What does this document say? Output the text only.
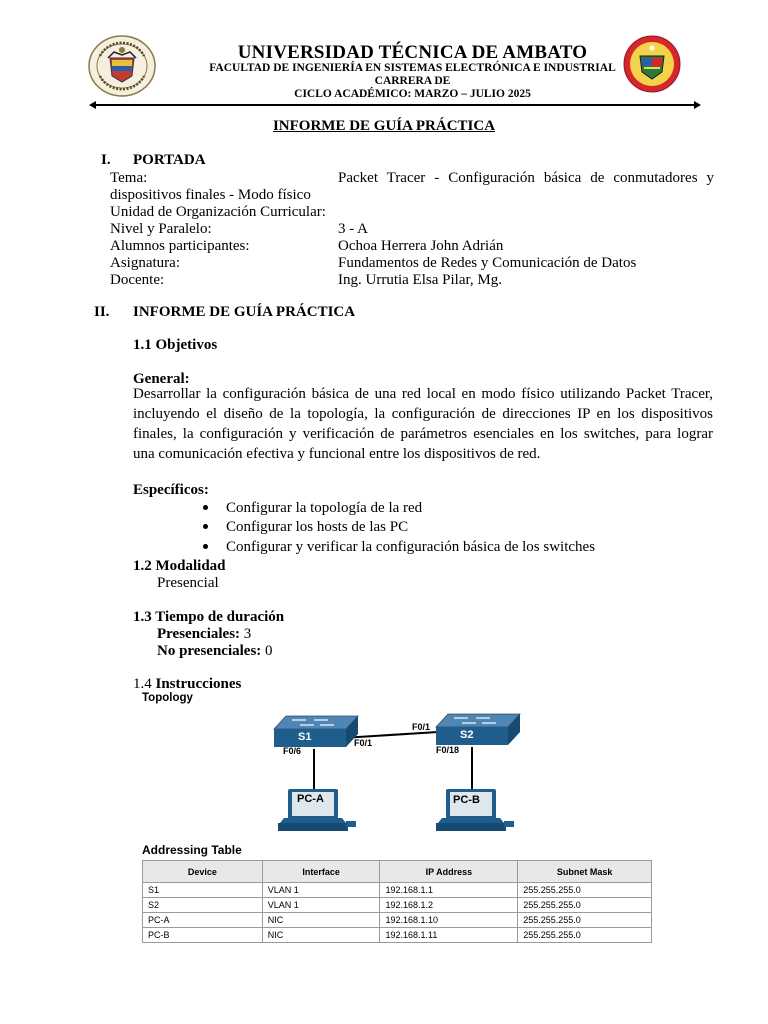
UNIVERSIDAD TÉCNICA DE AMBATO
FACULTAD DE INGENIERÍA EN SISTEMAS ELECTRÓNICA E INDUSTRIAL
CARRERA DE
CICLO ACADÉMICO: MARZO – JULIO 2025
INFORME DE GUÍA PRÁCTICA
I. PORTADA
Tema:	Packet Tracer - Configuración básica de conmutadores y
dispositivos finales - Modo físico
Unidad de Organización Curricular:
Nivel y Paralelo:	3 - A
Alumnos participantes:	Ochoa Herrera John Adrián
Asignatura:	Fundamentos de Redes y Comunicación de Datos
Docente:	Ing. Urrutia Elsa Pilar, Mg.
II. INFORME DE GUÍA PRÁCTICA
1.1 Objetivos
General:
Desarrollar la configuración básica de una red local en modo físico utilizando Packet Tracer,
incluyendo el diseño de la topología, la configuración de direcciones IP en los dispositivos
finales, la configuración y verificación de parámetros esenciales en los switches, para lograr
una comunicación efectiva y funcional entre los dispositivos de red.
Específicos:
Configurar la topología de la red
Configurar los hosts de las PC
Configurar y verificar la configuración básica de los switches
1.2 Modalidad
Presencial
1.3 Tiempo de duración
Presenciales: 3
No presenciales: 0
1.4 Instrucciones
Topology
S1	S2
PC-A	PC-B
F0/6
F0/1
F0/1
F0/18
Addressing Table
Device	Interface	IP Address	Subnet Mask
S1	VLAN 1	192.168.1.1	255.255.255.0
S2	VLAN 1	192.168.1.2	255.255.255.0
PC-A	NIC	192.168.1.10	255.255.255.0
PC-B	NIC	192.168.1.11	255.255.255.0
